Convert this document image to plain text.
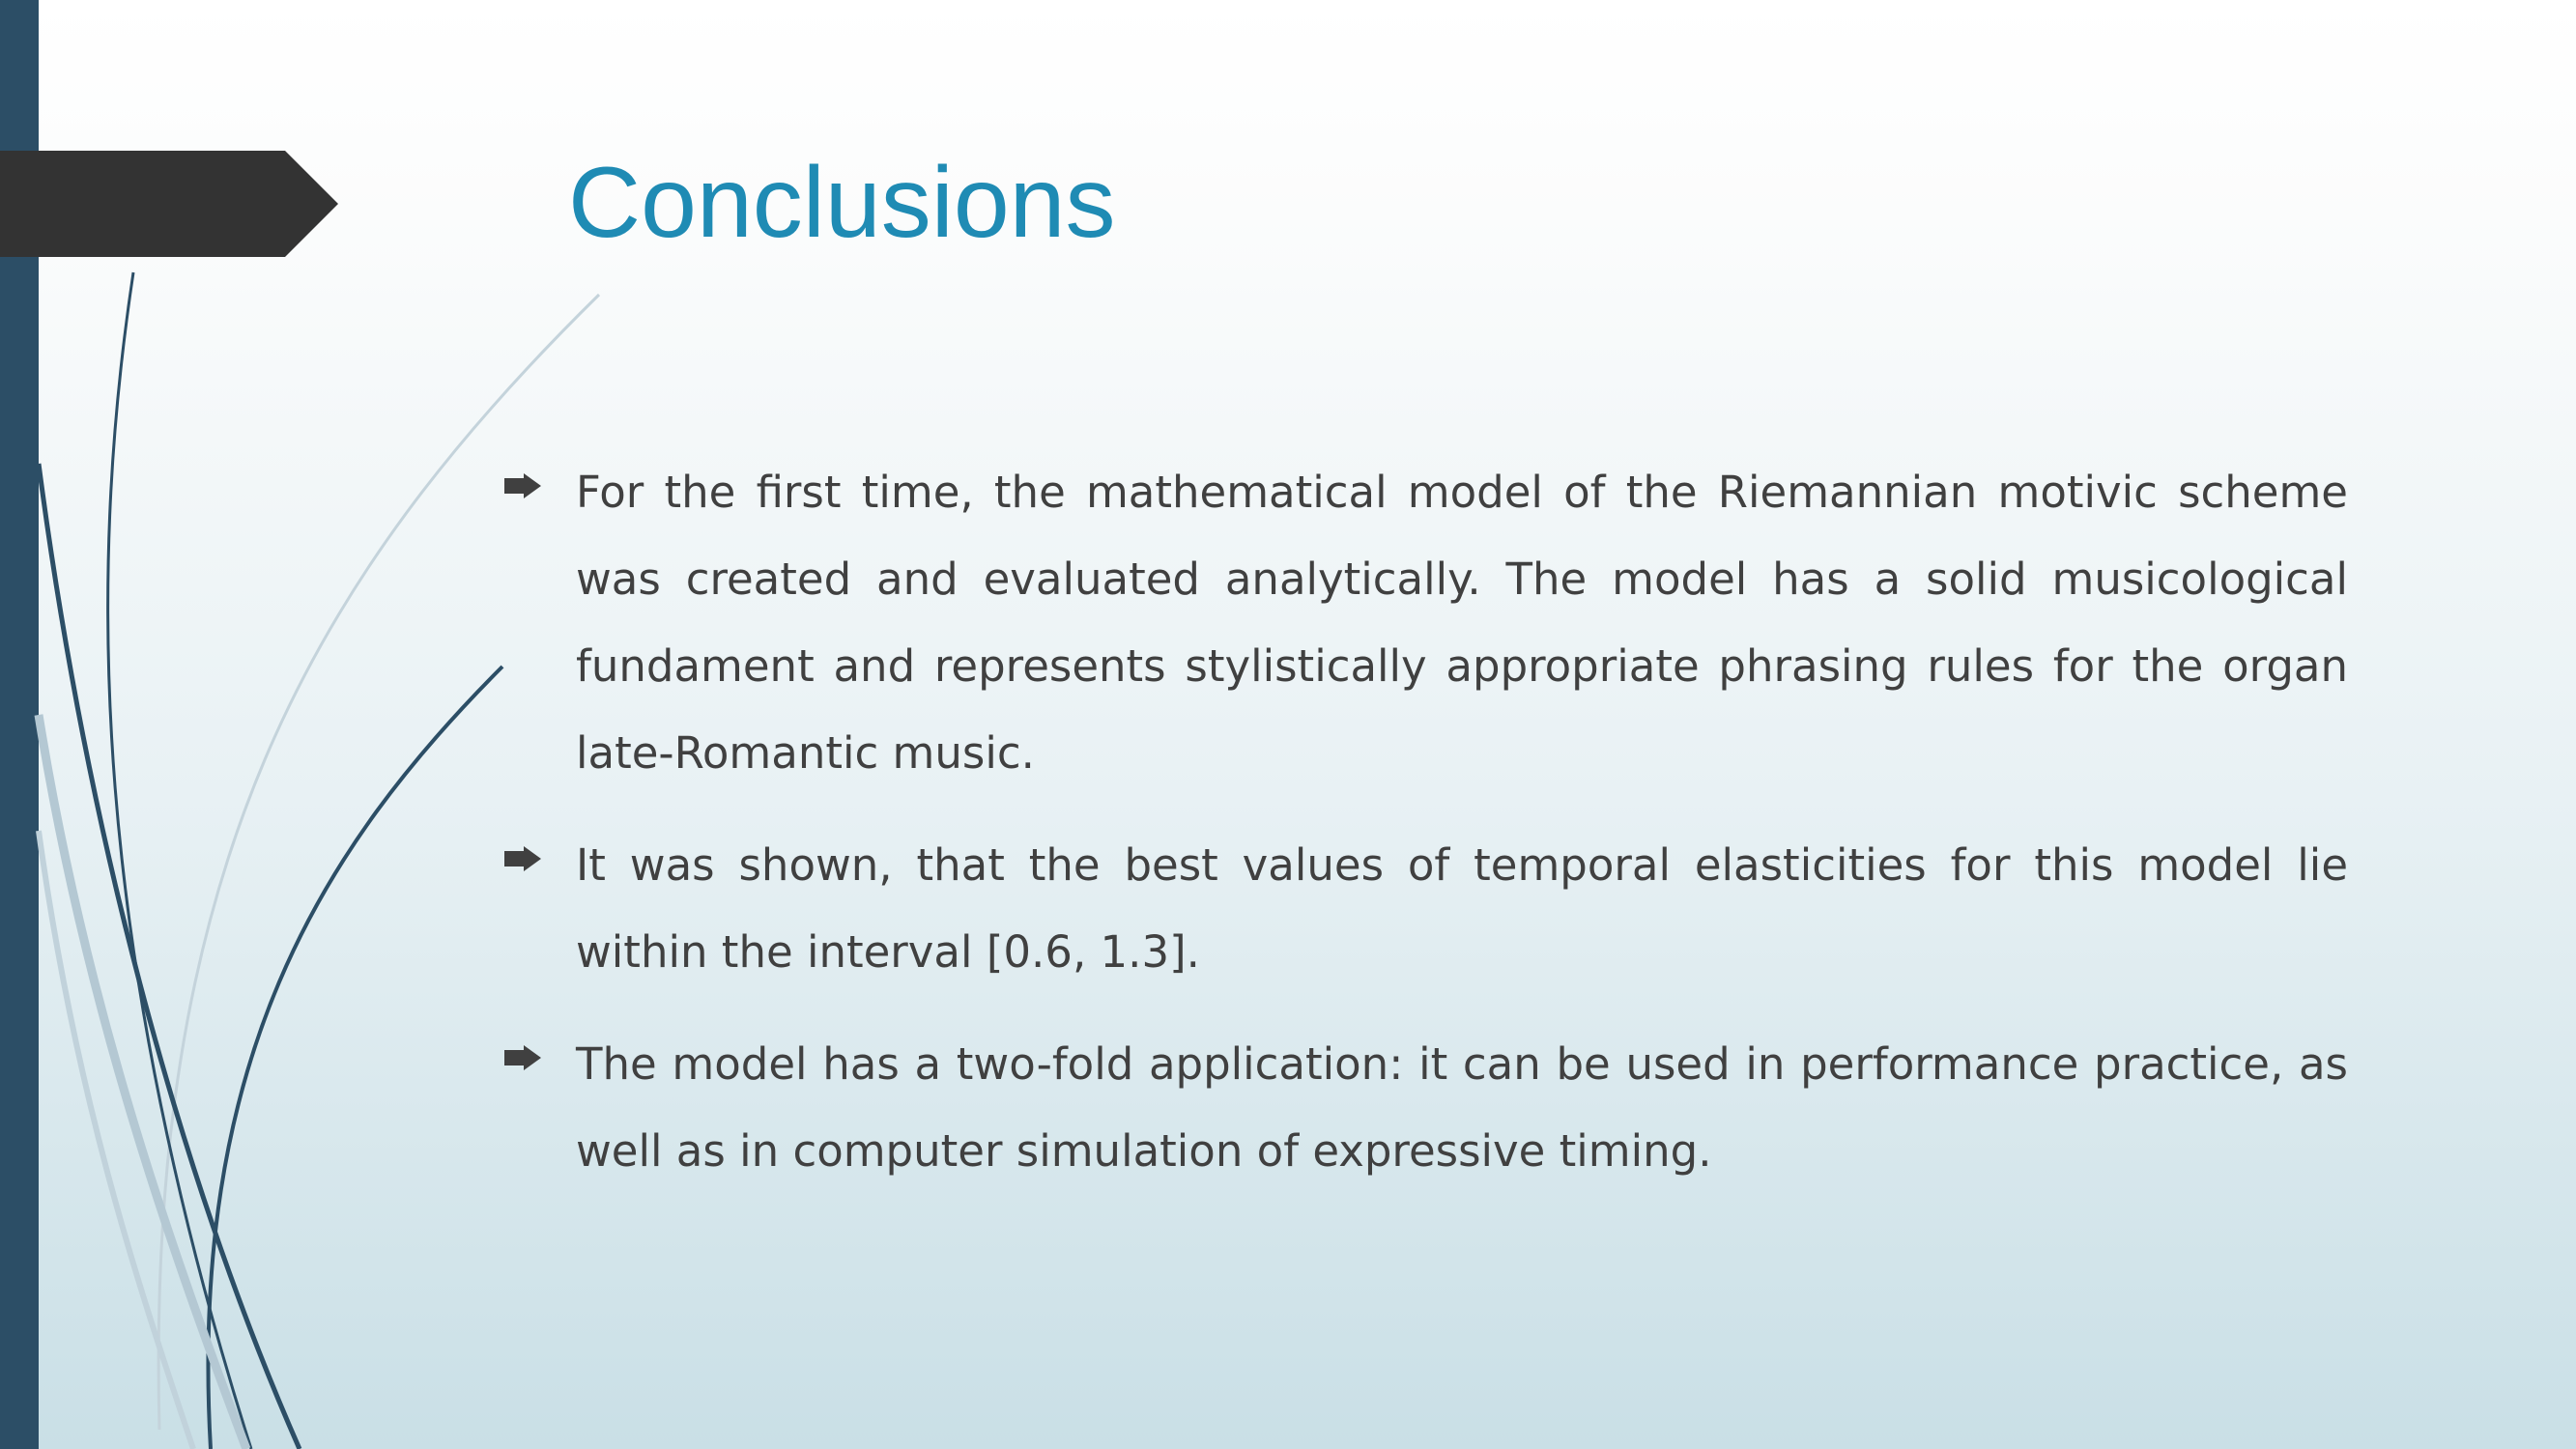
Conclusions
For the first time, the mathematical model of the Riemannian motivic scheme was created and evaluated analytically. The model has a solid musicological fundament and represents stylistically appropriate phrasing rules for the organ late-Romantic music.
It was shown, that the best values of temporal elasticities for this model lie within the interval [0.6, 1.3].
The model has a two-fold application: it can be used in performance practice, as well as in computer simulation of expressive timing.
